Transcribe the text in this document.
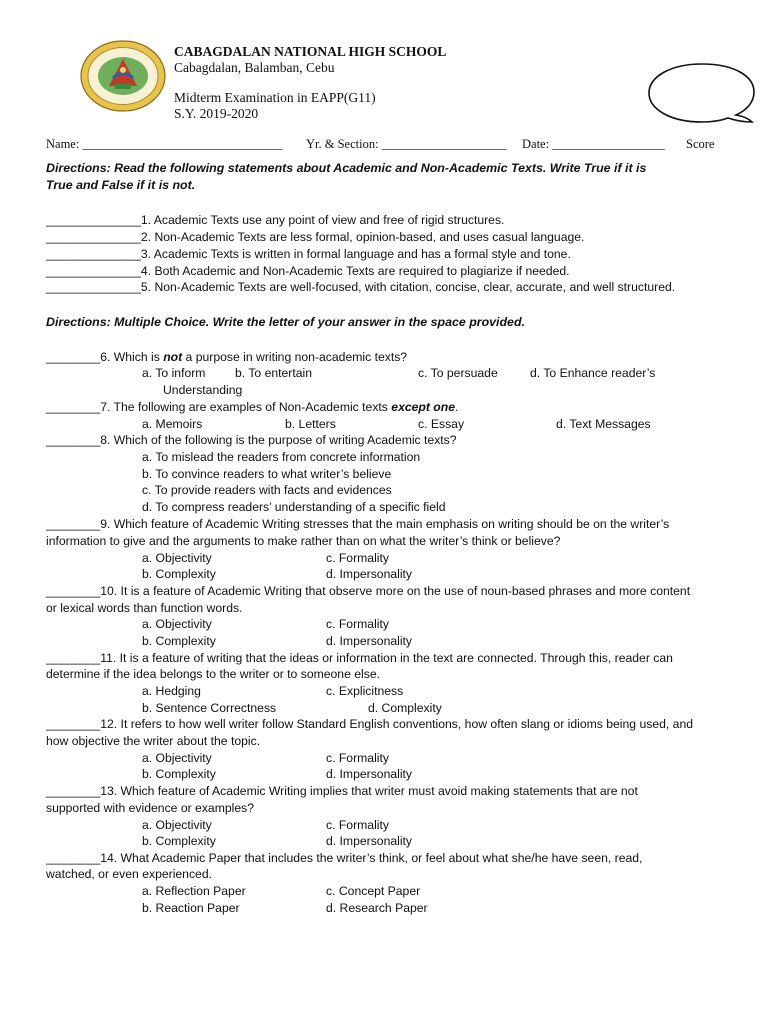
CABAGDALAN NATIONAL HIGH SCHOOL
Cabagdalan, Balamban, Cebu
Midterm Examination in EAPP(G11)
S.Y. 2019-2020
Name: ________________________________ Yr. & Section: ____________________ Date: __________________ Score
Directions: Read the following statements about Academic and Non-Academic Texts. Write True if it is
True and False if it is not.
______________1. Academic Texts use any point of view and free of rigid structures.
______________2. Non-Academic Texts are less formal, opinion-based, and uses casual language.
______________3. Academic Texts is written in formal language and has a formal style and tone.
______________4. Both Academic and Non-Academic Texts are required to plagiarize if needed.
______________5. Non-Academic Texts are well-focused, with citation, concise, clear, accurate, and well structured.
Directions: Multiple Choice. Write the letter of your answer in the space provided.
________6. Which is not a purpose in writing non-academic texts?
a. To inform b. To entertain	c. To persuade	d. To Enhance reader’s
Understanding
________7. The following are examples of Non-Academic texts except one.
a. Memoirs	b. Letters	c. Essay	d. Text Messages
________8. Which of the following is the purpose of writing Academic texts?
a. To mislead the readers from concrete information
b. To convince readers to what writer’s believe
c. To provide readers with facts and evidences
d. To compress readers’ understanding of a specific field
________9. Which feature of Academic Writing stresses that the main emphasis on writing should be on the writer’s
information to give and the arguments to make rather than on what the writer’s think or believe?
a. Objectivity
b. Complexity
c. Formality
d. Impersonality
________10. It is a feature of Academic Writing that observe more on the use of noun-based phrases and more content
or lexical words than function words.
a. Objectivity
b. Complexity
c. Formality
d. Impersonality
________11. It is a feature of writing that the ideas or information in the text are connected. Through this, reader can
determine if the idea belongs to the writer or to someone else.
a. Hedging
b. Sentence Correctness
c. Explicitness
d. Complexity
________12. It refers to how well writer follow Standard English conventions, how often slang or idioms being used, and
how objective the writer about the topic.
a. Objectivity
b. Complexity
c. Formality
d. Impersonality
________13. Which feature of Academic Writing implies that writer must avoid making statements that are not
supported with evidence or examples?
a. Objectivity
b. Complexity
c. Formality
d. Impersonality
________14. What Academic Paper that includes the writer’s think, or feel about what she/he have seen, read,
watched, or even experienced.
a. Reflection Paper
b. Reaction Paper
c. Concept Paper
d. Research Paper
